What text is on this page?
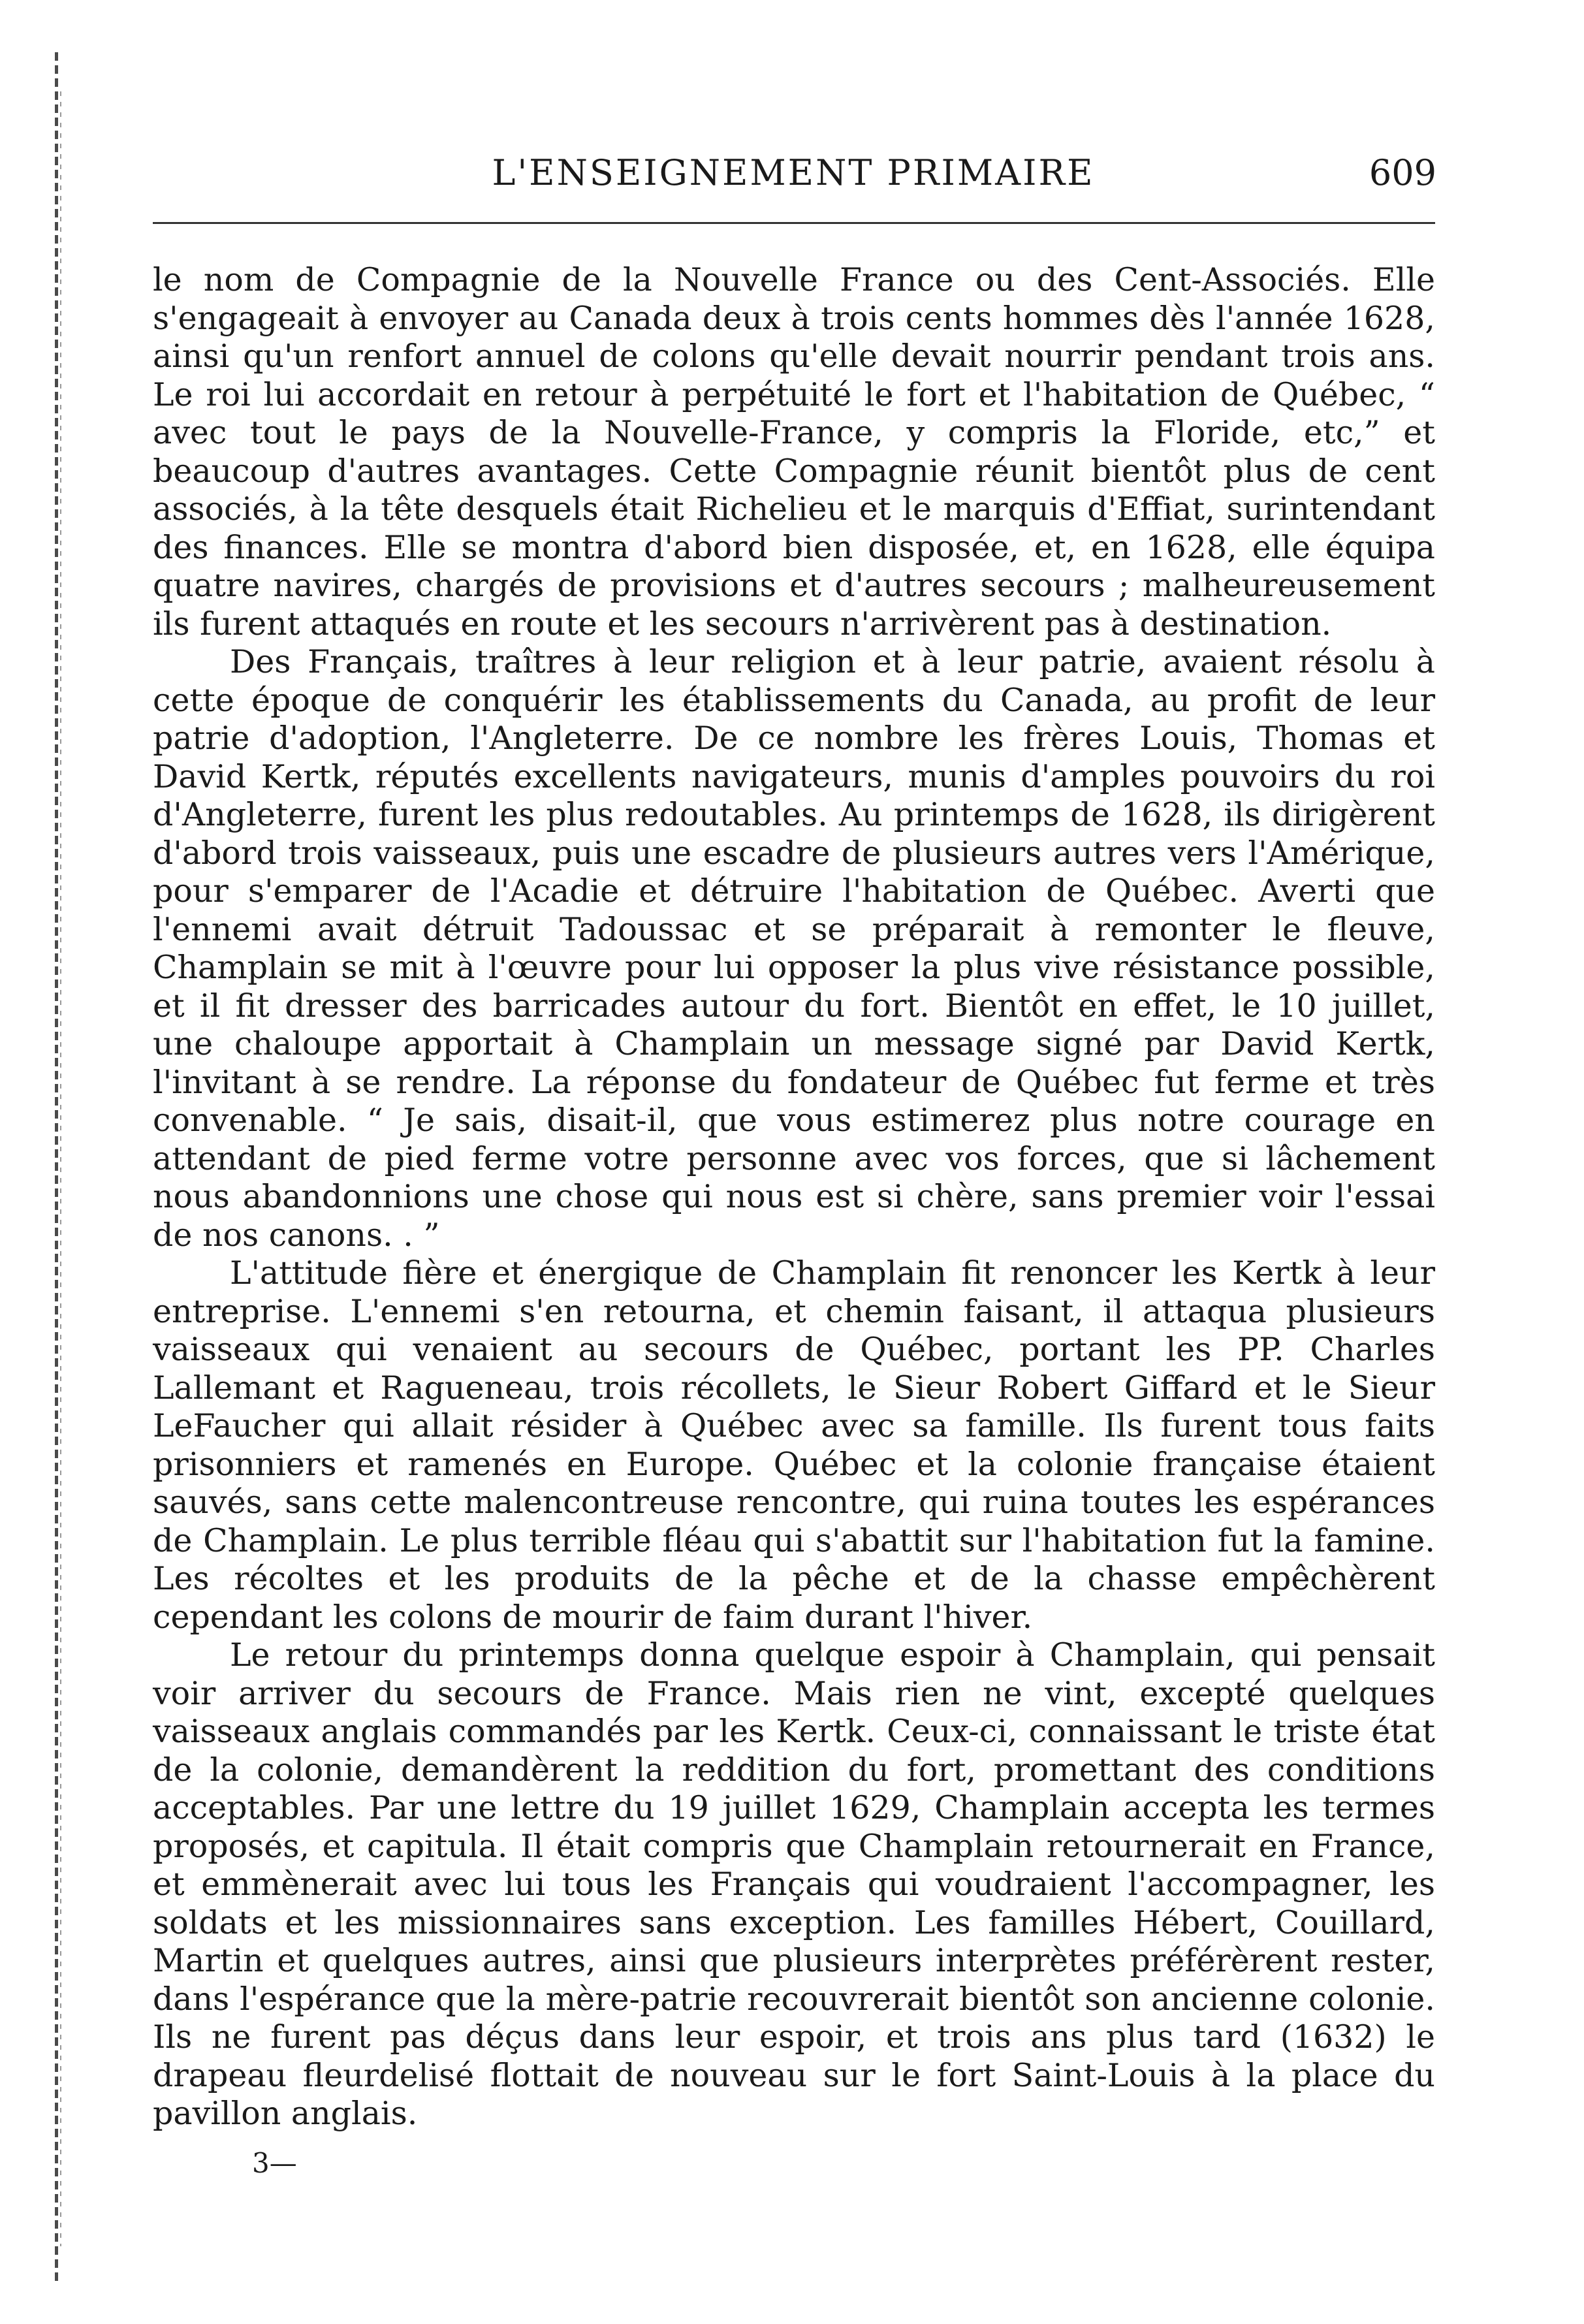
L'ENSEIGNEMENT PRIMAIRE	609

le nom de Compagnie de la Nouvelle France ou des Cent-Associés. Elle s'engageait à envoyer au Canada deux à trois cents hommes dès l'année 1628, ainsi qu'un renfort annuel de colons qu'elle devait nourrir pendant trois ans. Le roi lui accordait en retour à perpétuité le fort et l'habitation de Québec, “ avec tout le pays de la Nouvelle-France, y compris la Floride, etc,” et beaucoup d'autres avantages. Cette Compagnie réunit bientôt plus de cent associés, à la tête desquels était Richelieu et le marquis d'Effiat, surintendant des finances. Elle se montra d'abord bien disposée, et, en 1628, elle équipa quatre navires, chargés de provisions et d'autres secours ; malheureusement ils furent attaqués en route et les secours n'arrivèrent pas à destination.

Des Français, traîtres à leur religion et à leur patrie, avaient résolu à cette époque de conquérir les établissements du Canada, au profit de leur patrie d'adoption, l'Angleterre. De ce nombre les frères Louis, Thomas et David Kertk, réputés excellents navigateurs, munis d'amples pouvoirs du roi d'Angleterre, furent les plus redoutables. Au printemps de 1628, ils dirigèrent d'abord trois vaisseaux, puis une escadre de plusieurs autres vers l'Amérique, pour s'emparer de l'Acadie et détruire l'habitation de Québec. Averti que l'ennemi avait détruit Tadoussac et se préparait à remonter le fleuve, Champlain se mit à l'œuvre pour lui opposer la plus vive résistance possible, et il fit dresser des barricades autour du fort. Bientôt en effet, le 10 juillet, une chaloupe apportait à Champlain un message signé par David Kertk, l'invitant à se rendre. La réponse du fondateur de Québec fut ferme et très convenable. “ Je sais, disait-il, que vous estimerez plus notre courage en attendant de pied ferme votre personne avec vos forces, que si lâchement nous abandonnions une chose qui nous est si chère, sans premier voir l'essai de nos canons. . ”

L'attitude fière et énergique de Champlain fit renoncer les Kertk à leur entreprise. L'ennemi s'en retourna, et chemin faisant, il attaqua plusieurs vaisseaux qui venaient au secours de Québec, portant les PP. Charles Lallemant et Ragueneau, trois récollets, le Sieur Robert Giffard et le Sieur LeFaucher qui allait résider à Québec avec sa famille. Ils furent tous faits prisonniers et ramenés en Europe. Québec et la colonie française étaient sauvés, sans cette malencontreuse rencontre, qui ruina toutes les espérances de Champlain. Le plus terrible fléau qui s'abattit sur l'habitation fut la famine. Les récoltes et les produits de la pêche et de la chasse empêchèrent cependant les colons de mourir de faim durant l'hiver.

Le retour du printemps donna quelque espoir à Champlain, qui pensait voir arriver du secours de France. Mais rien ne vint, excepté quelques vaisseaux anglais commandés par les Kertk. Ceux-ci, connaissant le triste état de la colonie, demandèrent la reddition du fort, promettant des conditions acceptables. Par une lettre du 19 juillet 1629, Champlain accepta les termes proposés, et capitula. Il était compris que Champlain retournerait en France, et emmènerait avec lui tous les Français qui voudraient l'accompagner, les soldats et les missionnaires sans exception. Les familles Hébert, Couillard, Martin et quelques autres, ainsi que plusieurs interprètes préférèrent rester, dans l'espérance que la mère-patrie recouvrerait bientôt son ancienne colonie. Ils ne furent pas déçus dans leur espoir, et trois ans plus tard (1632) le drapeau fleurdelisé flottait de nouveau sur le fort Saint-Louis à la place du pavillon anglais.

3—
